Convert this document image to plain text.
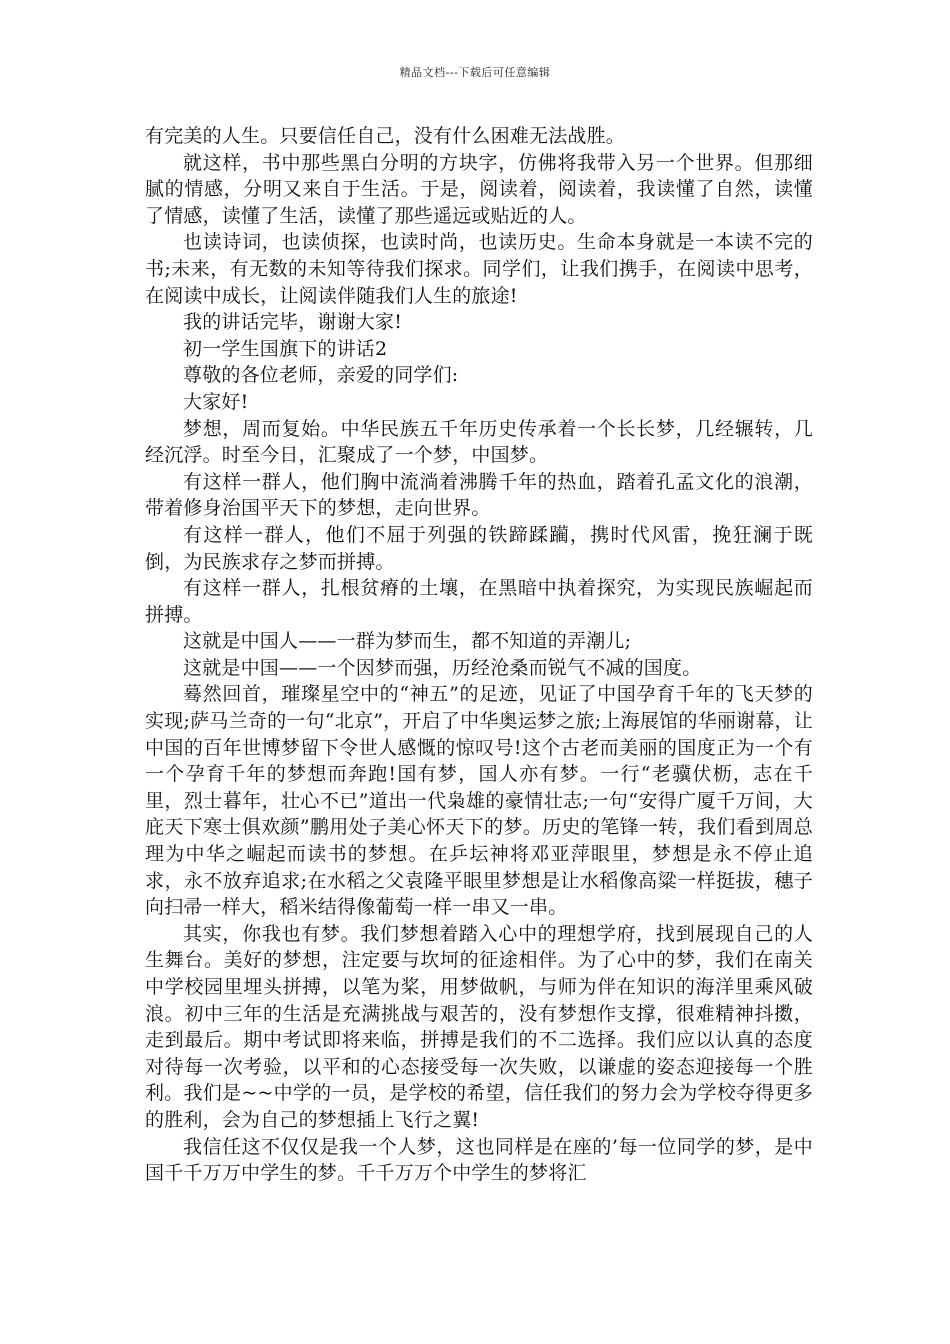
精品文档---下载后可任意编辑

有完美的人生。只要信任自己，没有什么困难无法战胜。

就这样，书中那些黑白分明的方块字，仿佛将我带入另一个世界。但那细腻的情感，分明又来自于生活。于是，阅读着，阅读着，我读懂了自然，读懂了情感，读懂了生活，读懂了那些遥远或贴近的人。

也读诗词，也读侦探，也读时尚，也读历史。生命本身就是一本读不完的书;未来，有无数的未知等待我们探求。同学们，让我们携手，在阅读中思考，在阅读中成长，让阅读伴随我们人生的旅途!

我的讲话完毕，谢谢大家!

初一学生国旗下的讲话2

尊敬的各位老师，亲爱的同学们:

大家好!

梦想，周而复始。中华民族五千年历史传承着一个长长梦，几经辗转，几经沉浮。时至今日，汇聚成了一个梦，中国梦。

有这样一群人，他们胸中流淌着沸腾千年的热血，踏着孔孟文化的浪潮，带着修身治国平天下的梦想，走向世界。

有这样一群人，他们不屈于列强的铁蹄蹂躏，携时代风雷，挽狂澜于既倒，为民族求存之梦而拼搏。

有这样一群人，扎根贫瘠的土壤，在黑暗中执着探究，为实现民族崛起而拼搏。

这就是中国人——一群为梦而生，都不知道的弄潮儿;

这就是中国——一个因梦而强，历经沧桑而锐气不减的国度。

蓦然回首，璀璨星空中的“神五”的足迹，见证了中国孕育千年的飞天梦的实现;萨马兰奇的一句“北京”，开启了中华奥运梦之旅;上海展馆的华丽谢幕，让中国的百年世博梦留下令世人感慨的惊叹号!这个古老而美丽的国度正为一个有一个孕育千年的梦想而奔跑!国有梦，国人亦有梦。一行“老骥伏枥，志在千里，烈士暮年，壮心不已”道出一代枭雄的豪情壮志;一句“安得广厦千万间，大庇天下寒士俱欢颜”鹏用处子美心怀天下的梦。历史的笔锋一转，我们看到周总理为中华之崛起而读书的梦想。在乒坛神将邓亚萍眼里，梦想是永不停止追求，永不放弃追求;在水稻之父袁隆平眼里梦想是让水稻像高粱一样挺拔，穗子向扫帚一样大，稻米结得像葡萄一样一串又一串。

其实，你我也有梦。我们梦想着踏入心中的理想学府，找到展现自己的人生舞台。美好的梦想，注定要与坎坷的征途相伴。为了心中的梦，我们在南关中学校园里埋头拼搏，以笔为桨，用梦做帆，与师为伴在知识的海洋里乘风破浪。初中三年的生活是充满挑战与艰苦的，没有梦想作支撑，很难精神抖擞，走到最后。期中考试即将来临，拼搏是我们的不二选择。我们应以认真的态度对待每一次考验，以平和的心态接受每一次失败，以谦虚的姿态迎接每一个胜利。我们是~~中学的一员，是学校的希望，信任我们的努力会为学校夺得更多的胜利，会为自己的梦想插上飞行之翼!

我信任这不仅仅是我一个人梦，这也同样是在座的’每一位同学的梦，是中国千千万万中学生的梦。千千万万个中学生的梦将汇
